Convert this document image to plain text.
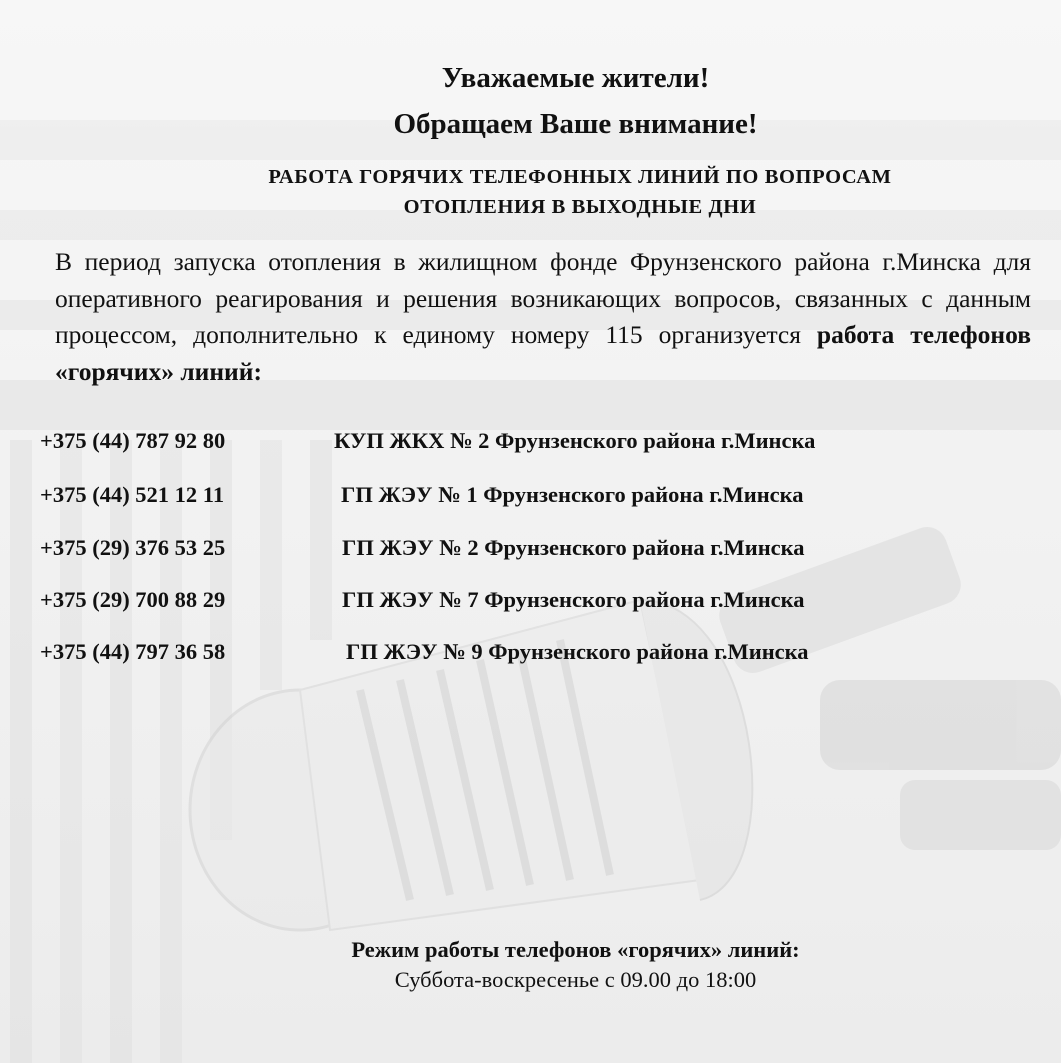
Уважаемые жители!
Обращаем Ваше внимание!
РАБОТА ГОРЯЧИХ ТЕЛЕФОННЫХ ЛИНИЙ ПО ВОПРОСАМ
ОТОПЛЕНИЯ В ВЫХОДНЫЕ ДНИ
В период запуска отопления в жилищном фонде Фрунзенского района г.Минска для оперативного реагирования и решения возникающих вопросов, связанных с данным процессом, дополнительно к единому номеру 115 организуется работа телефонов «горячих» линий:
+375 (44) 787 92 80	КУП ЖКХ № 2 Фрунзенского района г.Минска
+375 (44) 521 12 11	ГП ЖЭУ № 1 Фрунзенского района г.Минска
+375 (29) 376 53 25	ГП ЖЭУ № 2 Фрунзенского района г.Минска
+375 (29) 700 88 29	ГП ЖЭУ № 7 Фрунзенского района г.Минска
+375 (44) 797 36 58	ГП ЖЭУ № 9 Фрунзенского района г.Минска
Режим работы телефонов «горячих» линий:
Суббота-воскресенье с 09.00 до 18:00
